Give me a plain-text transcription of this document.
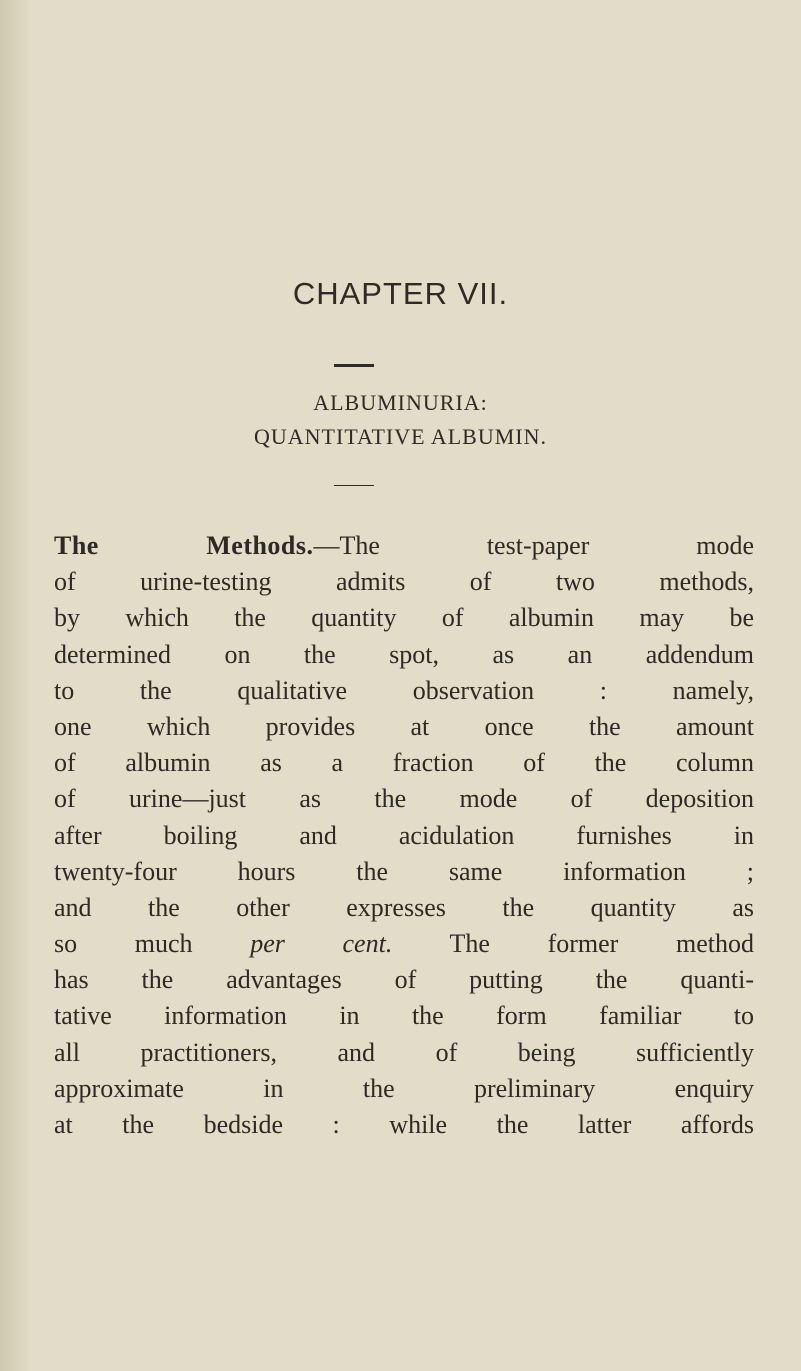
CHAPTER VII.
ALBUMINURIA:
QUANTITATIVE ALBUMIN.
The Methods.—The test-paper mode
of urine-testing admits of two methods,
by which the quantity of albumin may be
determined on the spot, as an addendum
to the qualitative observation : namely,
one which provides at once the amount
of albumin as a fraction of the column
of urine—just as the mode of deposition
after boiling and acidulation furnishes in
twenty-four hours the same information ;
and the other expresses the quantity as
so much per cent. The former method
has the advantages of putting the quanti-
tative information in the form familiar to
all practitioners, and of being sufficiently
approximate in the preliminary enquiry
at the bedside : while the latter affords
